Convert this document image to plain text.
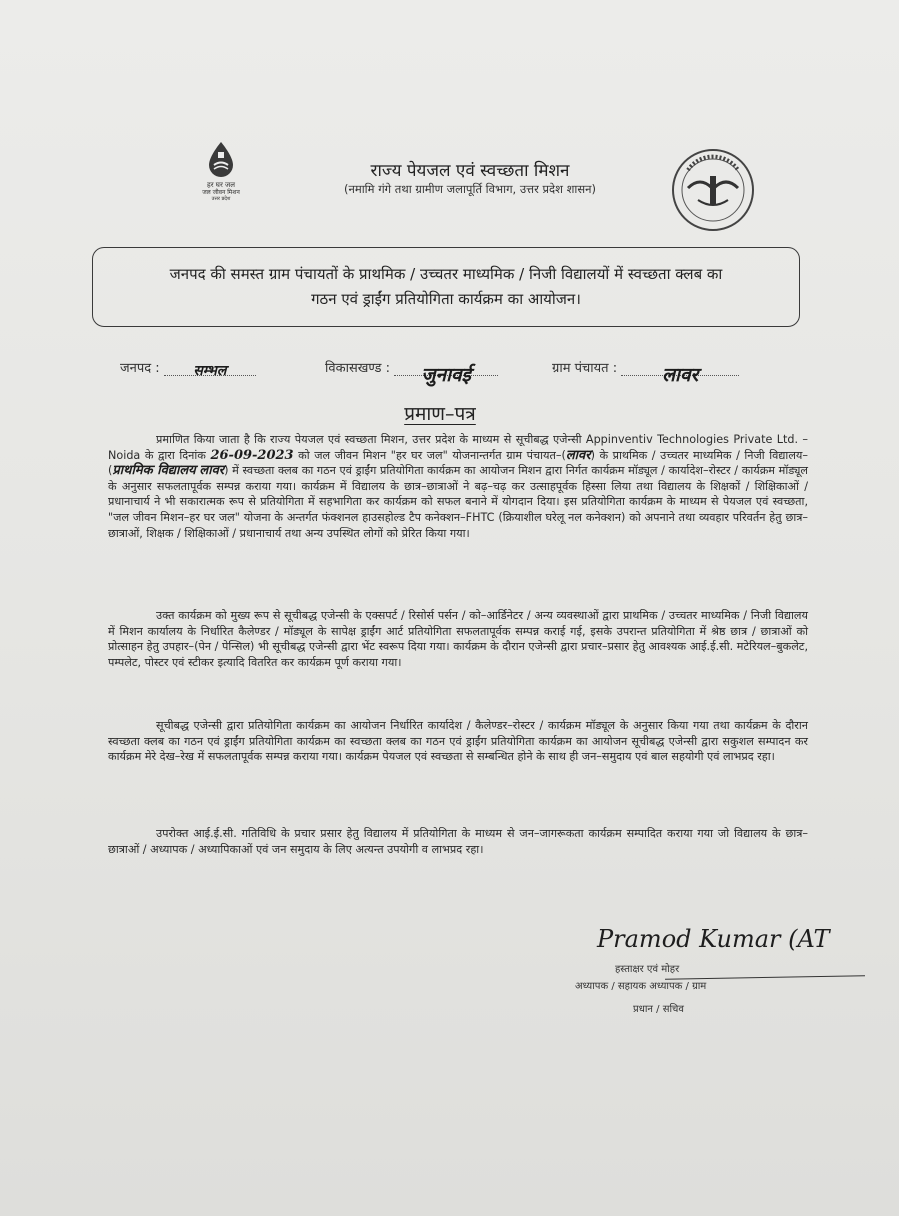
हर घर जल
जल जीवन मिशन
उत्तर प्रदेश
राज्य पेयजल एवं स्वच्छता मिशन
(नमामि गंगे तथा ग्रामीण जलापूर्ति विभाग, उत्तर प्रदेश शासन)
जनपद की समस्त ग्राम पंचायतों के प्राथमिक / उच्चतर माध्यमिक / निजी विद्यालयों में स्वच्छता क्लब का
गठन एवं ड्राईंग प्रतियोगिता कार्यक्रम का आयोजन।
जनपद : सम्भल	विकासखण्ड : जुनावई	ग्राम पंचायत : लावर
प्रमाण–पत्र
प्रमाणित किया जाता है कि राज्य पेयजल एवं स्वच्छता मिशन, उत्तर प्रदेश के माध्यम से सूचीबद्ध एजेन्सी Appinventiv Technologies Private Ltd. – Noida के द्वारा दिनांक 26-09-2023 को जल जीवन मिशन "हर घर जल" योजनान्तर्गत ग्राम पंचायत–(लावर) के प्राथमिक / उच्चतर माध्यमिक / निजी विद्यालय–(प्राथमिक विद्यालय लावर) में स्वच्छता क्लब का गठन एवं ड्राईंग प्रतियोगिता कार्यक्रम का आयोजन मिशन द्वारा निर्गत कार्यक्रम मॉड्यूल / कार्यादेश–रोस्टर / कार्यक्रम मॉड्यूल के अनुसार सफलतापूर्वक सम्पन्न कराया गया। कार्यक्रम में विद्यालय के छात्र–छात्राओं ने बढ़–चढ़ कर उत्साहपूर्वक हिस्सा लिया तथा विद्यालय के शिक्षकों / शिक्षिकाओं / प्रधानाचार्य ने भी सकारात्मक रूप से प्रतियोगिता में सहभागिता कर कार्यक्रम को सफल बनाने में योगदान दिया। इस प्रतियोगिता कार्यक्रम के माध्यम से पेयजल एवं स्वच्छता, "जल जीवन मिशन–हर घर जल" योजना के अन्तर्गत फंक्शनल हाउसहोल्ड टैप कनेक्शन–FHTC (क्रियाशील घरेलू नल कनेक्शन) को अपनाने तथा व्यवहार परिवर्तन हेतु छात्र–छात्राओं, शिक्षक / शिक्षिकाओं / प्रधानाचार्य तथा अन्य उपस्थित लोगों को प्रेरित किया गया।
उक्त कार्यक्रम को मुख्य रूप से सूचीबद्ध एजेन्सी के एक्सपर्ट / रिसोर्स पर्सन / को–आर्डिनेटर / अन्य व्यवस्थाओं द्वारा प्राथमिक / उच्चतर माध्यमिक / निजी विद्यालय में मिशन कार्यालय के निर्धारित कैलेण्डर / मॉड्यूल के सापेक्ष ड्राईंग आर्ट प्रतियोगिता सफलतापूर्वक सम्पन्न कराई गई, इसके उपरान्त प्रतियोगिता में श्रेष्ठ छात्र / छात्राओं को प्रोत्साहन हेतु उपहार–(पेन / पेन्सिल) भी सूचीबद्ध एजेन्सी द्वारा भेंट स्वरूप दिया गया। कार्यक्रम के दौरान एजेन्सी द्वारा प्रचार–प्रसार हेतु आवश्यक आई.ई.सी. मटेरियल–बुकलेट, पम्पलेट, पोस्टर एवं स्टीकर इत्यादि वितरित कर कार्यक्रम पूर्ण कराया गया।
सूचीबद्ध एजेन्सी द्वारा प्रतियोगिता कार्यक्रम का आयोजन निर्धारित कार्यादेश / कैलेण्डर–रोस्टर / कार्यक्रम मॉड्यूल के अनुसार किया गया तथा कार्यक्रम के दौरान स्वच्छता क्लब का गठन एवं ड्राईंग प्रतियोगिता कार्यक्रम का स्वच्छता क्लब का गठन एवं ड्राईंग प्रतियोगिता कार्यक्रम का आयोजन सूचीबद्ध एजेन्सी द्वारा सकुशल सम्पादन कर कार्यक्रम मेरे देख–रेख में सफलतापूर्वक सम्पन्न कराया गया। कार्यक्रम पेयजल एवं स्वच्छता से सम्बन्धित होने के साथ ही जन–समुदाय एवं बाल सहयोगी एवं लाभप्रद रहा।
उपरोक्त आई.ई.सी. गतिविधि के प्रचार प्रसार हेतु विद्यालय में प्रतियोगिता के माध्यम से जन–जागरूकता कार्यक्रम सम्पादित कराया गया जो विद्यालय के छात्र–छात्राओं / अध्यापक / अध्यापिकाओं एवं जन समुदाय के लिए अत्यन्त उपयोगी व लाभप्रद रहा।
Pramod Kumar (AT
हस्ताक्षर एवं मोहर
अध्यापक / सहायक अध्यापक / ग्राम
प्रधान / सचिव
